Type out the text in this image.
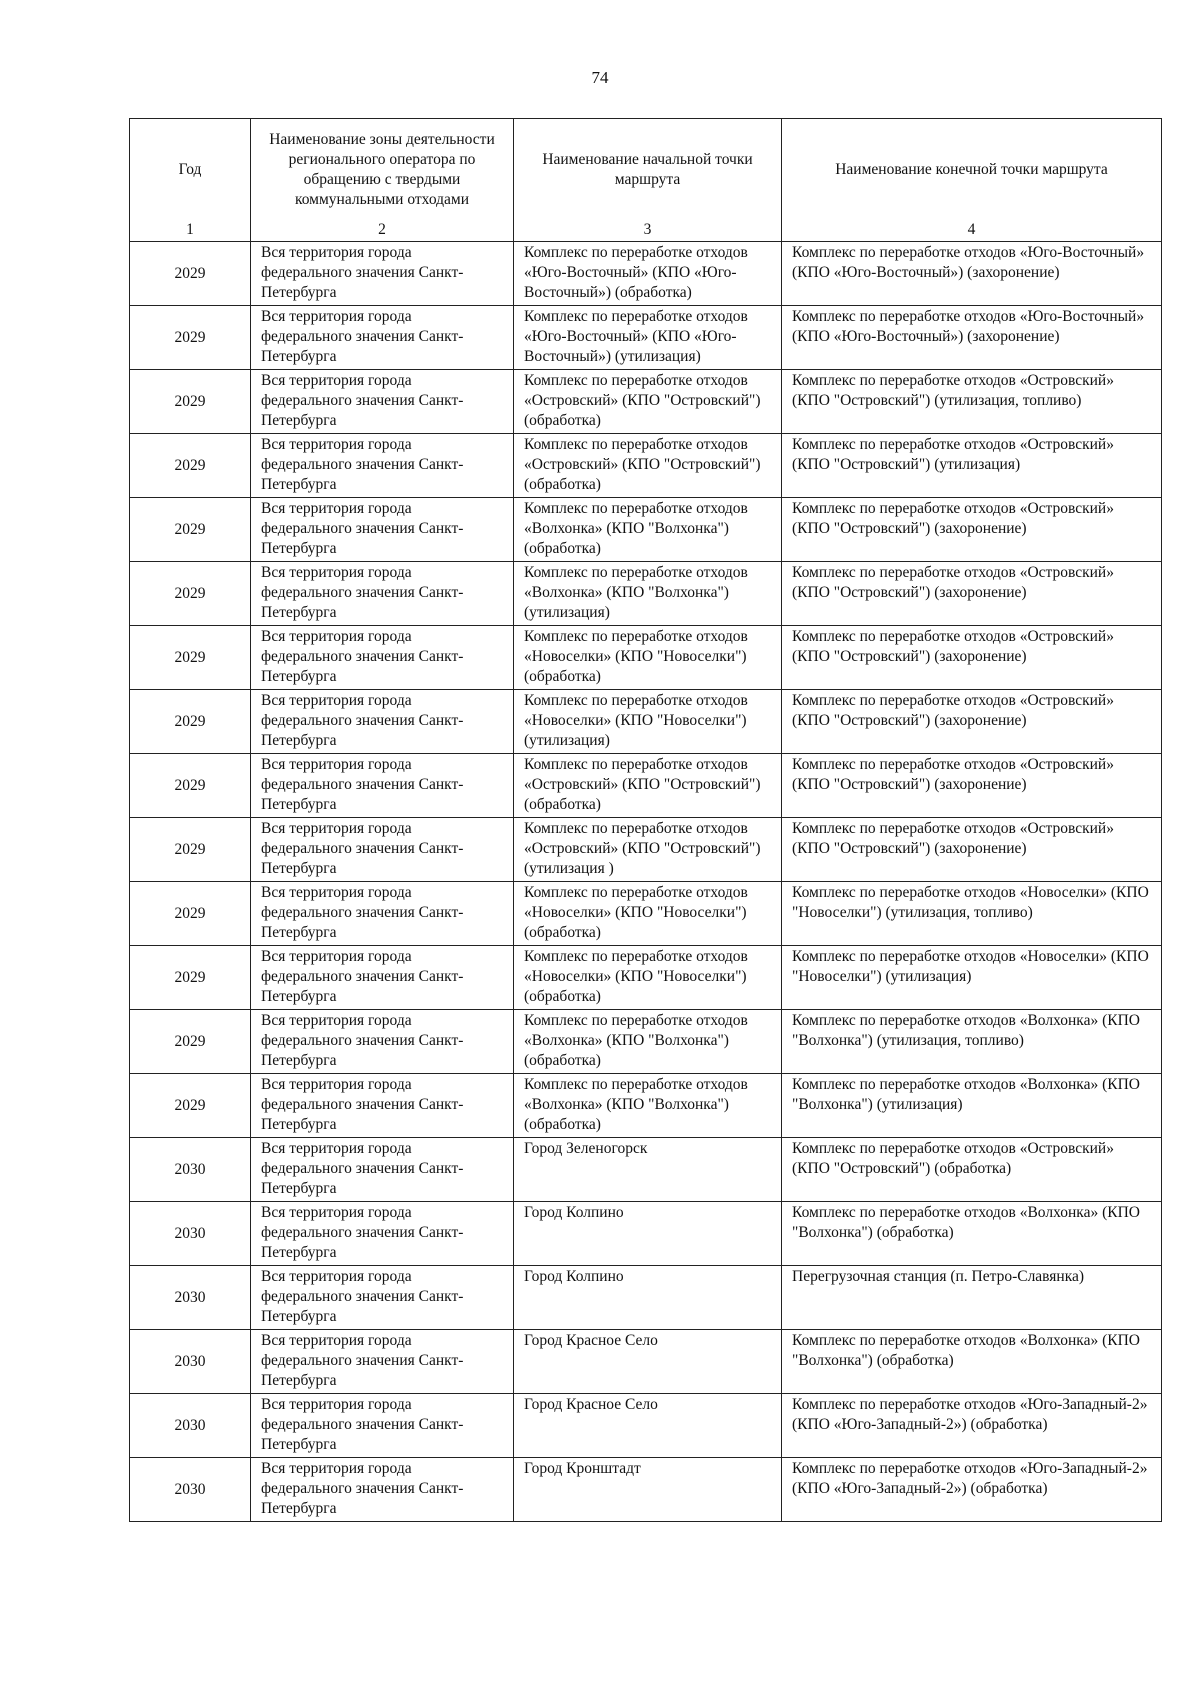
74
Год	Наименование зоны деятельности регионального оператора по обращению с твердыми коммунальными отходами	Наименование начальной точки маршрута	Наименование конечной точки маршрута
1	2	3	4
2029	Вся территория города федерального значения Санкт-Петербурга	Комплекс по переработке отходов «Юго-Восточный» (КПО «Юго-Восточный») (обработка)	Комплекс по переработке отходов «Юго-Восточный» (КПО «Юго-Восточный») (захоронение)
2029	Вся территория города федерального значения Санкт-Петербурга	Комплекс по переработке отходов «Юго-Восточный» (КПО «Юго-Восточный») (утилизация)	Комплекс по переработке отходов «Юго-Восточный» (КПО «Юго-Восточный») (захоронение)
2029	Вся территория города федерального значения Санкт-Петербурга	Комплекс по переработке отходов «Островский» (КПО "Островский") (обработка)	Комплекс по переработке отходов «Островский» (КПО "Островский") (утилизация, топливо)
2029	Вся территория города федерального значения Санкт-Петербурга	Комплекс по переработке отходов «Островский» (КПО "Островский") (обработка)	Комплекс по переработке отходов «Островский» (КПО "Островский") (утилизация)
2029	Вся территория города федерального значения Санкт-Петербурга	Комплекс по переработке отходов «Волхонка» (КПО "Волхонка") (обработка)	Комплекс по переработке отходов «Островский» (КПО "Островский") (захоронение)
2029	Вся территория города федерального значения Санкт-Петербурга	Комплекс по переработке отходов «Волхонка» (КПО "Волхонка") (утилизация)	Комплекс по переработке отходов «Островский» (КПО "Островский") (захоронение)
2029	Вся территория города федерального значения Санкт-Петербурга	Комплекс по переработке отходов «Новоселки» (КПО "Новоселки") (обработка)	Комплекс по переработке отходов «Островский» (КПО "Островский") (захоронение)
2029	Вся территория города федерального значения Санкт-Петербурга	Комплекс по переработке отходов «Новоселки» (КПО "Новоселки") (утилизация)	Комплекс по переработке отходов «Островский» (КПО "Островский") (захоронение)
2029	Вся территория города федерального значения Санкт-Петербурга	Комплекс по переработке отходов «Островский» (КПО "Островский") (обработка)	Комплекс по переработке отходов «Островский» (КПО "Островский") (захоронение)
2029	Вся территория города федерального значения Санкт-Петербурга	Комплекс по переработке отходов «Островский» (КПО "Островский") (утилизация )	Комплекс по переработке отходов «Островский» (КПО "Островский") (захоронение)
2029	Вся территория города федерального значения Санкт-Петербурга	Комплекс по переработке отходов «Новоселки» (КПО "Новоселки") (обработка)	Комплекс по переработке отходов «Новоселки» (КПО "Новоселки") (утилизация, топливо)
2029	Вся территория города федерального значения Санкт-Петербурга	Комплекс по переработке отходов «Новоселки» (КПО "Новоселки") (обработка)	Комплекс по переработке отходов «Новоселки» (КПО "Новоселки") (утилизация)
2029	Вся территория города федерального значения Санкт-Петербурга	Комплекс по переработке отходов «Волхонка» (КПО "Волхонка") (обработка)	Комплекс по переработке отходов «Волхонка» (КПО "Волхонка") (утилизация, топливо)
2029	Вся территория города федерального значения Санкт-Петербурга	Комплекс по переработке отходов «Волхонка» (КПО "Волхонка") (обработка)	Комплекс по переработке отходов «Волхонка» (КПО "Волхонка") (утилизация)
2030	Вся территория города федерального значения Санкт-Петербурга	Город Зеленогорск	Комплекс по переработке отходов «Островский» (КПО "Островский") (обработка)
2030	Вся территория города федерального значения Санкт-Петербурга	Город Колпино	Комплекс по переработке отходов «Волхонка» (КПО "Волхонка") (обработка)
2030	Вся территория города федерального значения Санкт-Петербурга	Город Колпино	Перегрузочная станция (п. Петро-Славянка)
2030	Вся территория города федерального значения Санкт-Петербурга	Город Красное Село	Комплекс по переработке отходов «Волхонка» (КПО "Волхонка") (обработка)
2030	Вся территория города федерального значения Санкт-Петербурга	Город Красное Село	Комплекс по переработке отходов «Юго-Западный-2» (КПО «Юго-Западный-2») (обработка)
2030	Вся территория города федерального значения Санкт-Петербурга	Город Кронштадт	Комплекс по переработке отходов «Юго-Западный-2» (КПО «Юго-Западный-2») (обработка)
